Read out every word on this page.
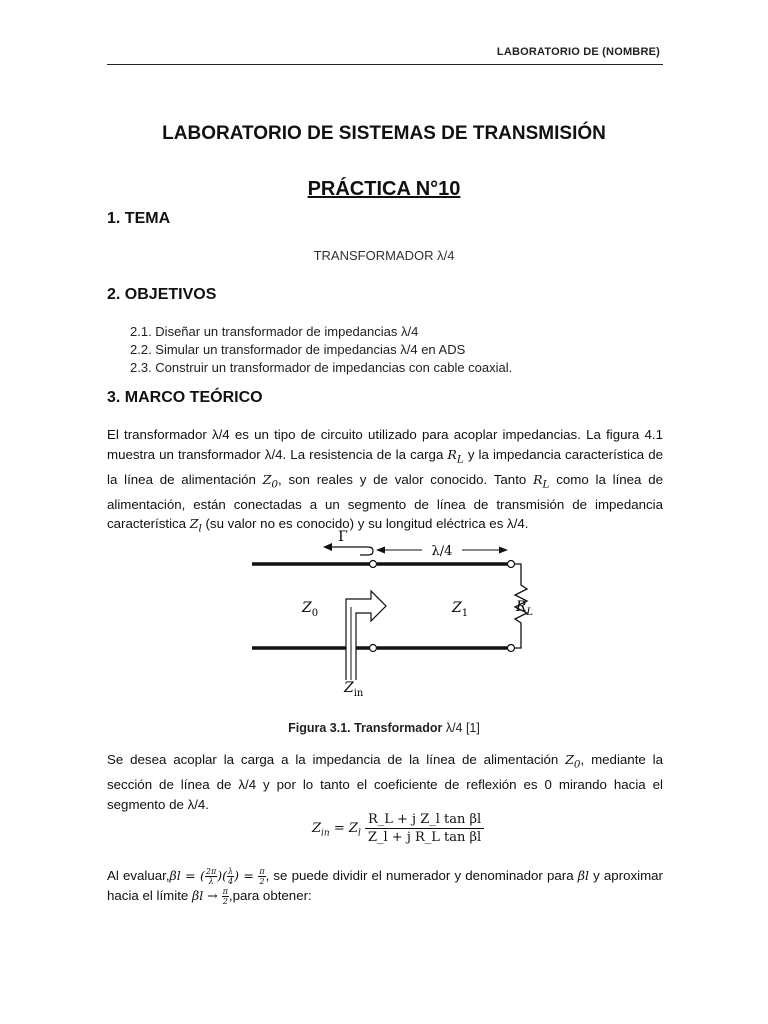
LABORATORIO DE (NOMBRE)
LABORATORIO DE SISTEMAS DE TRANSMISIÓN
PRÁCTICA N°10
1. TEMA
TRANSFORMADOR λ/4
2. OBJETIVOS
2.1. Diseñar un transformador de impedancias λ/4
2.2. Simular un transformador de impedancias λ/4 en ADS
2.3. Construir un transformador de impedancias con cable coaxial.
3. MARCO TEÓRICO
El transformador λ/4 es un tipo de circuito utilizado para acoplar impedancias. La figura 4.1 muestra un transformador λ/4. La resistencia de la carga $R_L$ y la impedancia característica de la línea de alimentación $Z_0$, son reales y de valor conocido. Tanto $R_L$ como la línea de alimentación, están conectadas a un segmento de línea de transmisión de impedancia característica $Z_l$ (su valor no es conocido) y su longitud eléctrica es λ/4.
Γ
λ/4
$Z_0$	$Z_1$	$R_L$
$Z_{in}$
Figura 3.1. Transformador λ/4 [1]
Se desea acoplar la carga a la impedancia de la línea de alimentación $Z_0$, mediante la sección de línea de λ/4 y por lo tanto el coeficiente de reflexión es 0 mirando hacia el segmento de λ/4.
$Z_{in} = Z_l \frac{\text{R\_L + j Z\_l tan βl}}{\text{Z\_l + j R\_L tan βl}}$
Al evaluar,βl = ( $\frac{2\pi}{\lambda}$ )( $\frac{\lambda}{4}$ ) = $\frac{\pi}{2}$ , se puede dividir el numerador y denominador para βl y aproximar hacia el límite $\beta l \to \frac{\pi}{2}$ ,para obtener:
